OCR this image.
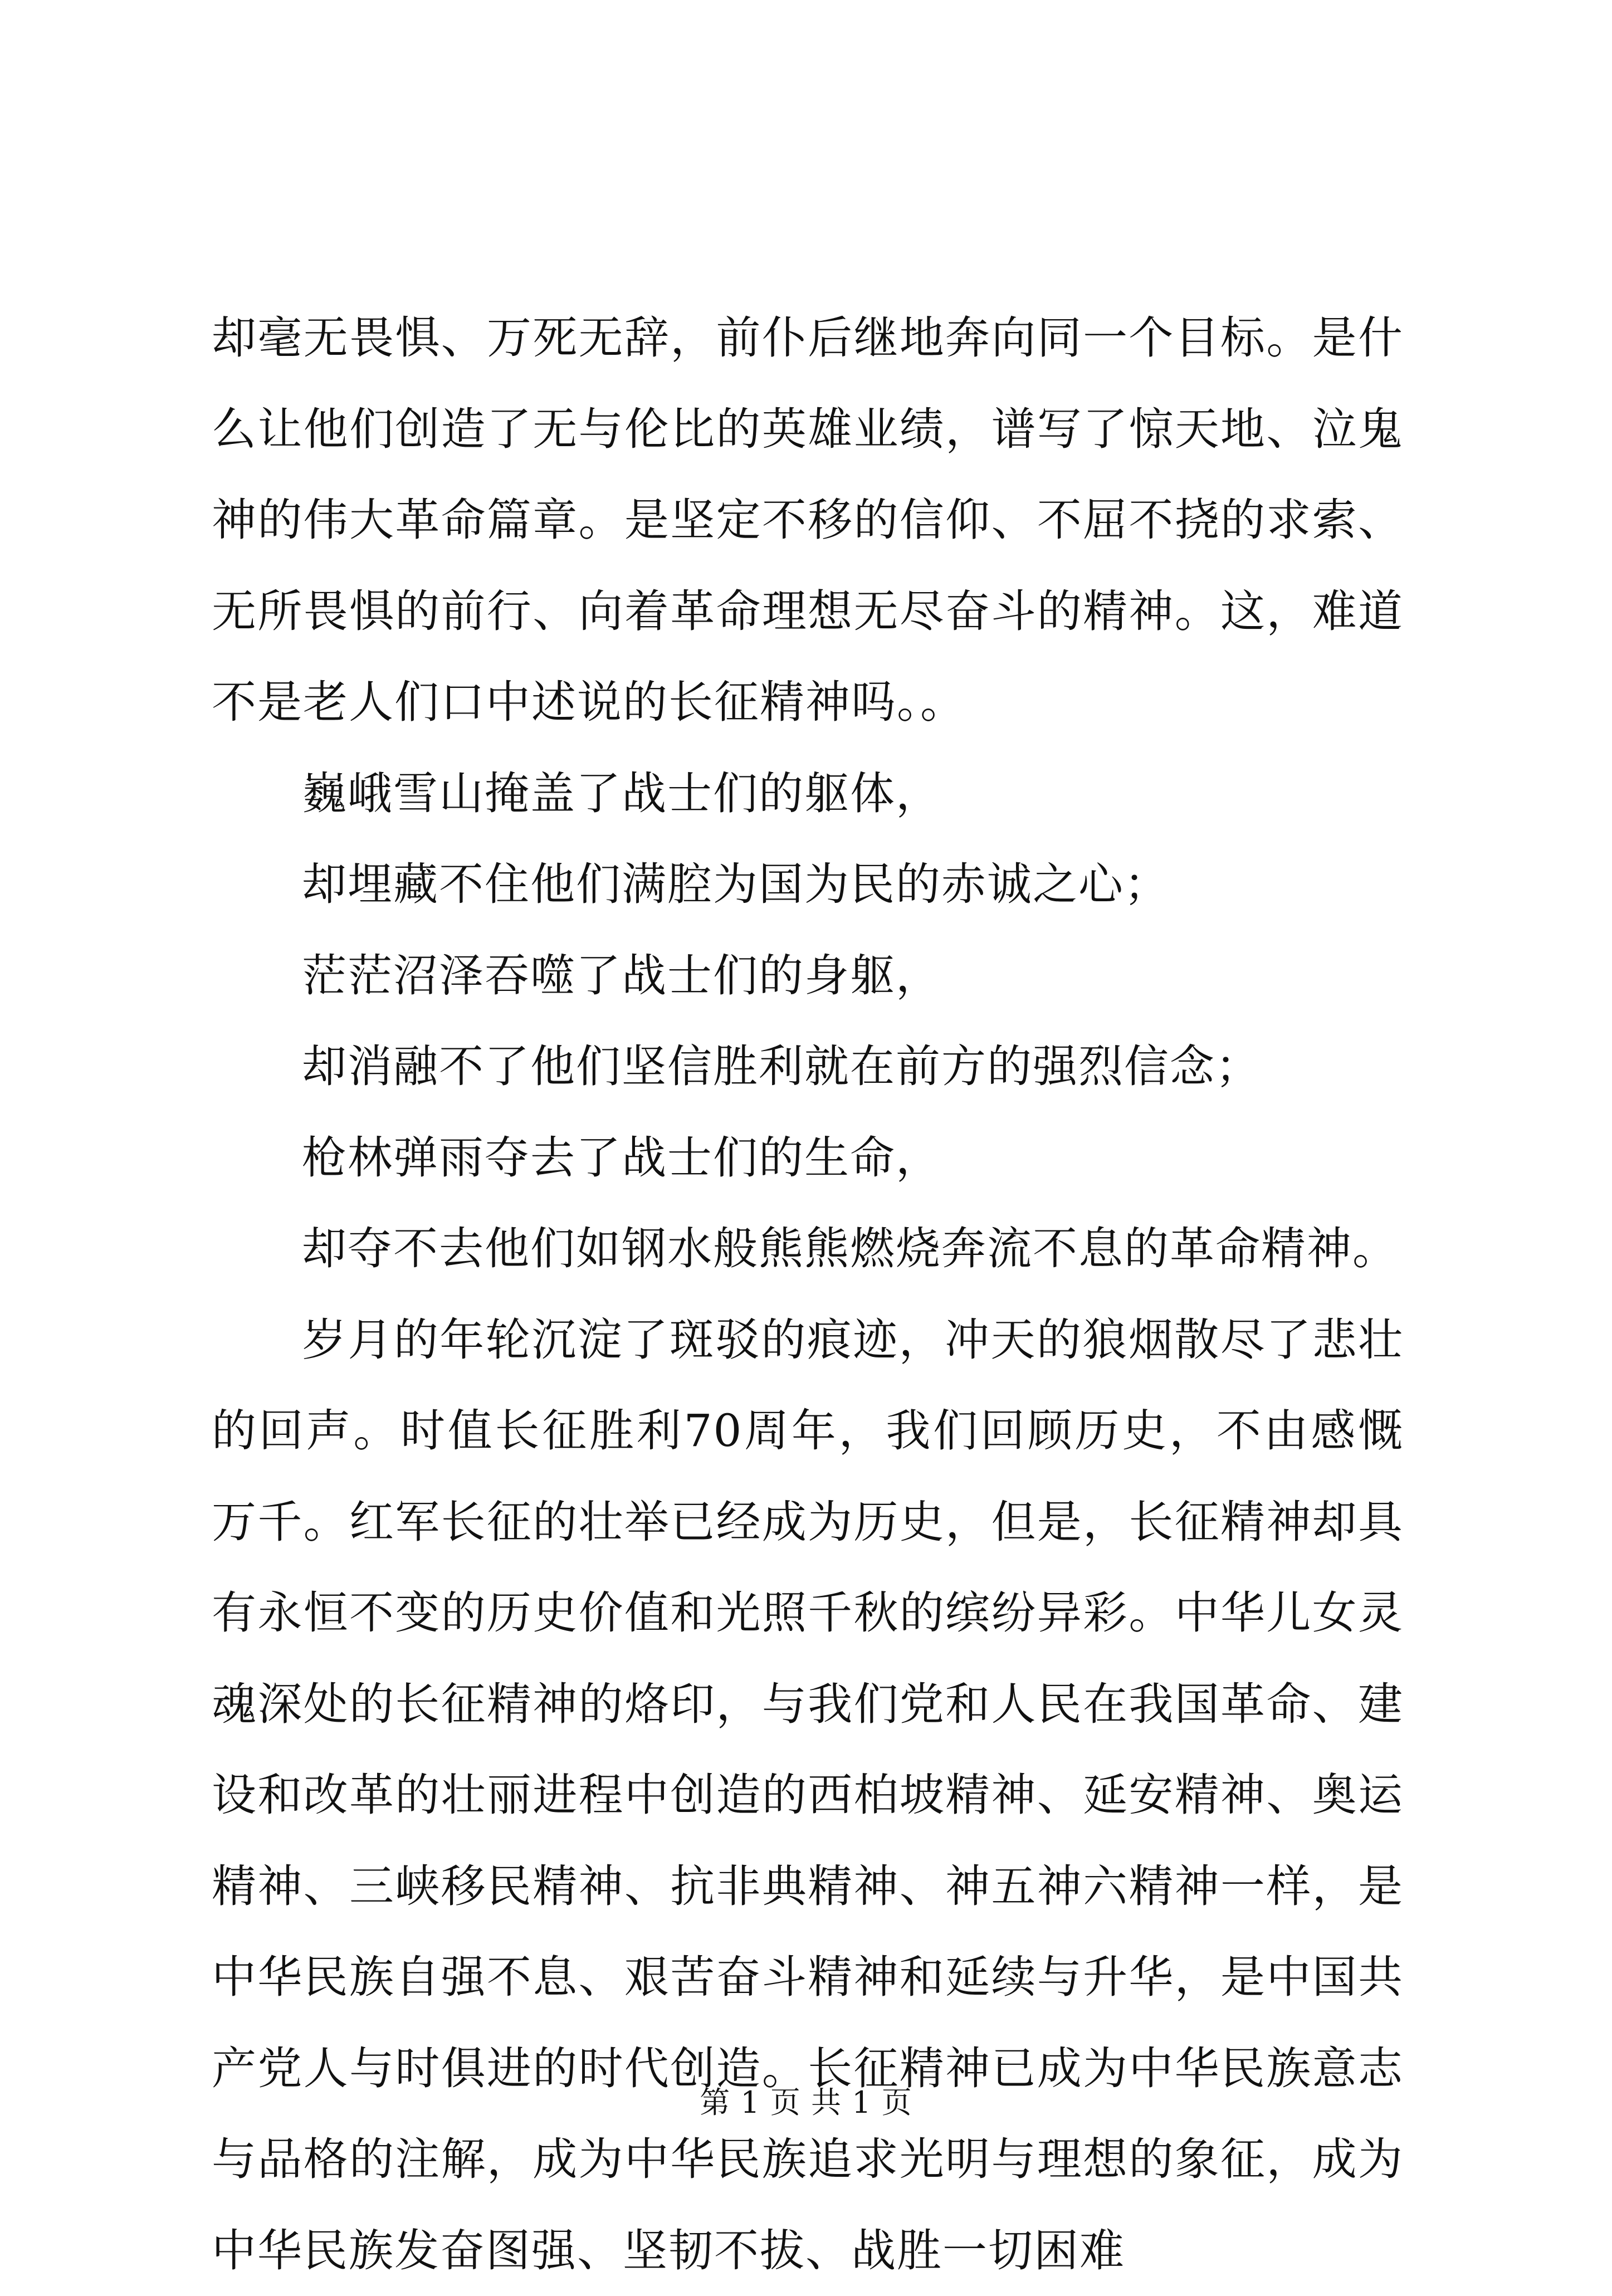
却毫无畏惧、万死无辞，前仆后继地奔向同一个目标。是什么让他们创造了无与伦比的英雄业绩，谱写了惊天地、泣鬼神的伟大革命篇章。是坚定不移的信仰、不屈不挠的求索、无所畏惧的前行、向着革命理想无尽奋斗的精神。这，难道不是老人们口中述说的长征精神吗。。

巍峨雪山掩盖了战士们的躯体，

却埋藏不住他们满腔为国为民的赤诚之心；

茫茫沼泽吞噬了战士们的身躯，

却消融不了他们坚信胜利就在前方的强烈信念；

枪林弹雨夺去了战士们的生命，

却夺不去他们如钢水般熊熊燃烧奔流不息的革命精神。

岁月的年轮沉淀了斑驳的痕迹，冲天的狼烟散尽了悲壮的回声。时值长征胜利70周年，我们回顾历史，不由感慨万千。红军长征的壮举已经成为历史，但是，长征精神却具有永恒不变的历史价值和光照千秋的缤纷异彩。中华儿女灵魂深处的长征精神的烙印，与我们党和人民在我国革命、建设和改革的壮丽进程中创造的西柏坡精神、延安精神、奥运精神、三峡移民精神、抗非典精神、神五神六精神一样，是中华民族自强不息、艰苦奋斗精神和延续与升华，是中国共产党人与时俱进的时代创造。长征精神已成为中华民族意志与品格的注解，成为中华民族追求光明与理想的象征，成为中华民族发奋图强、坚韧不拔、战胜一切困难

第 1 页 共 1 页
